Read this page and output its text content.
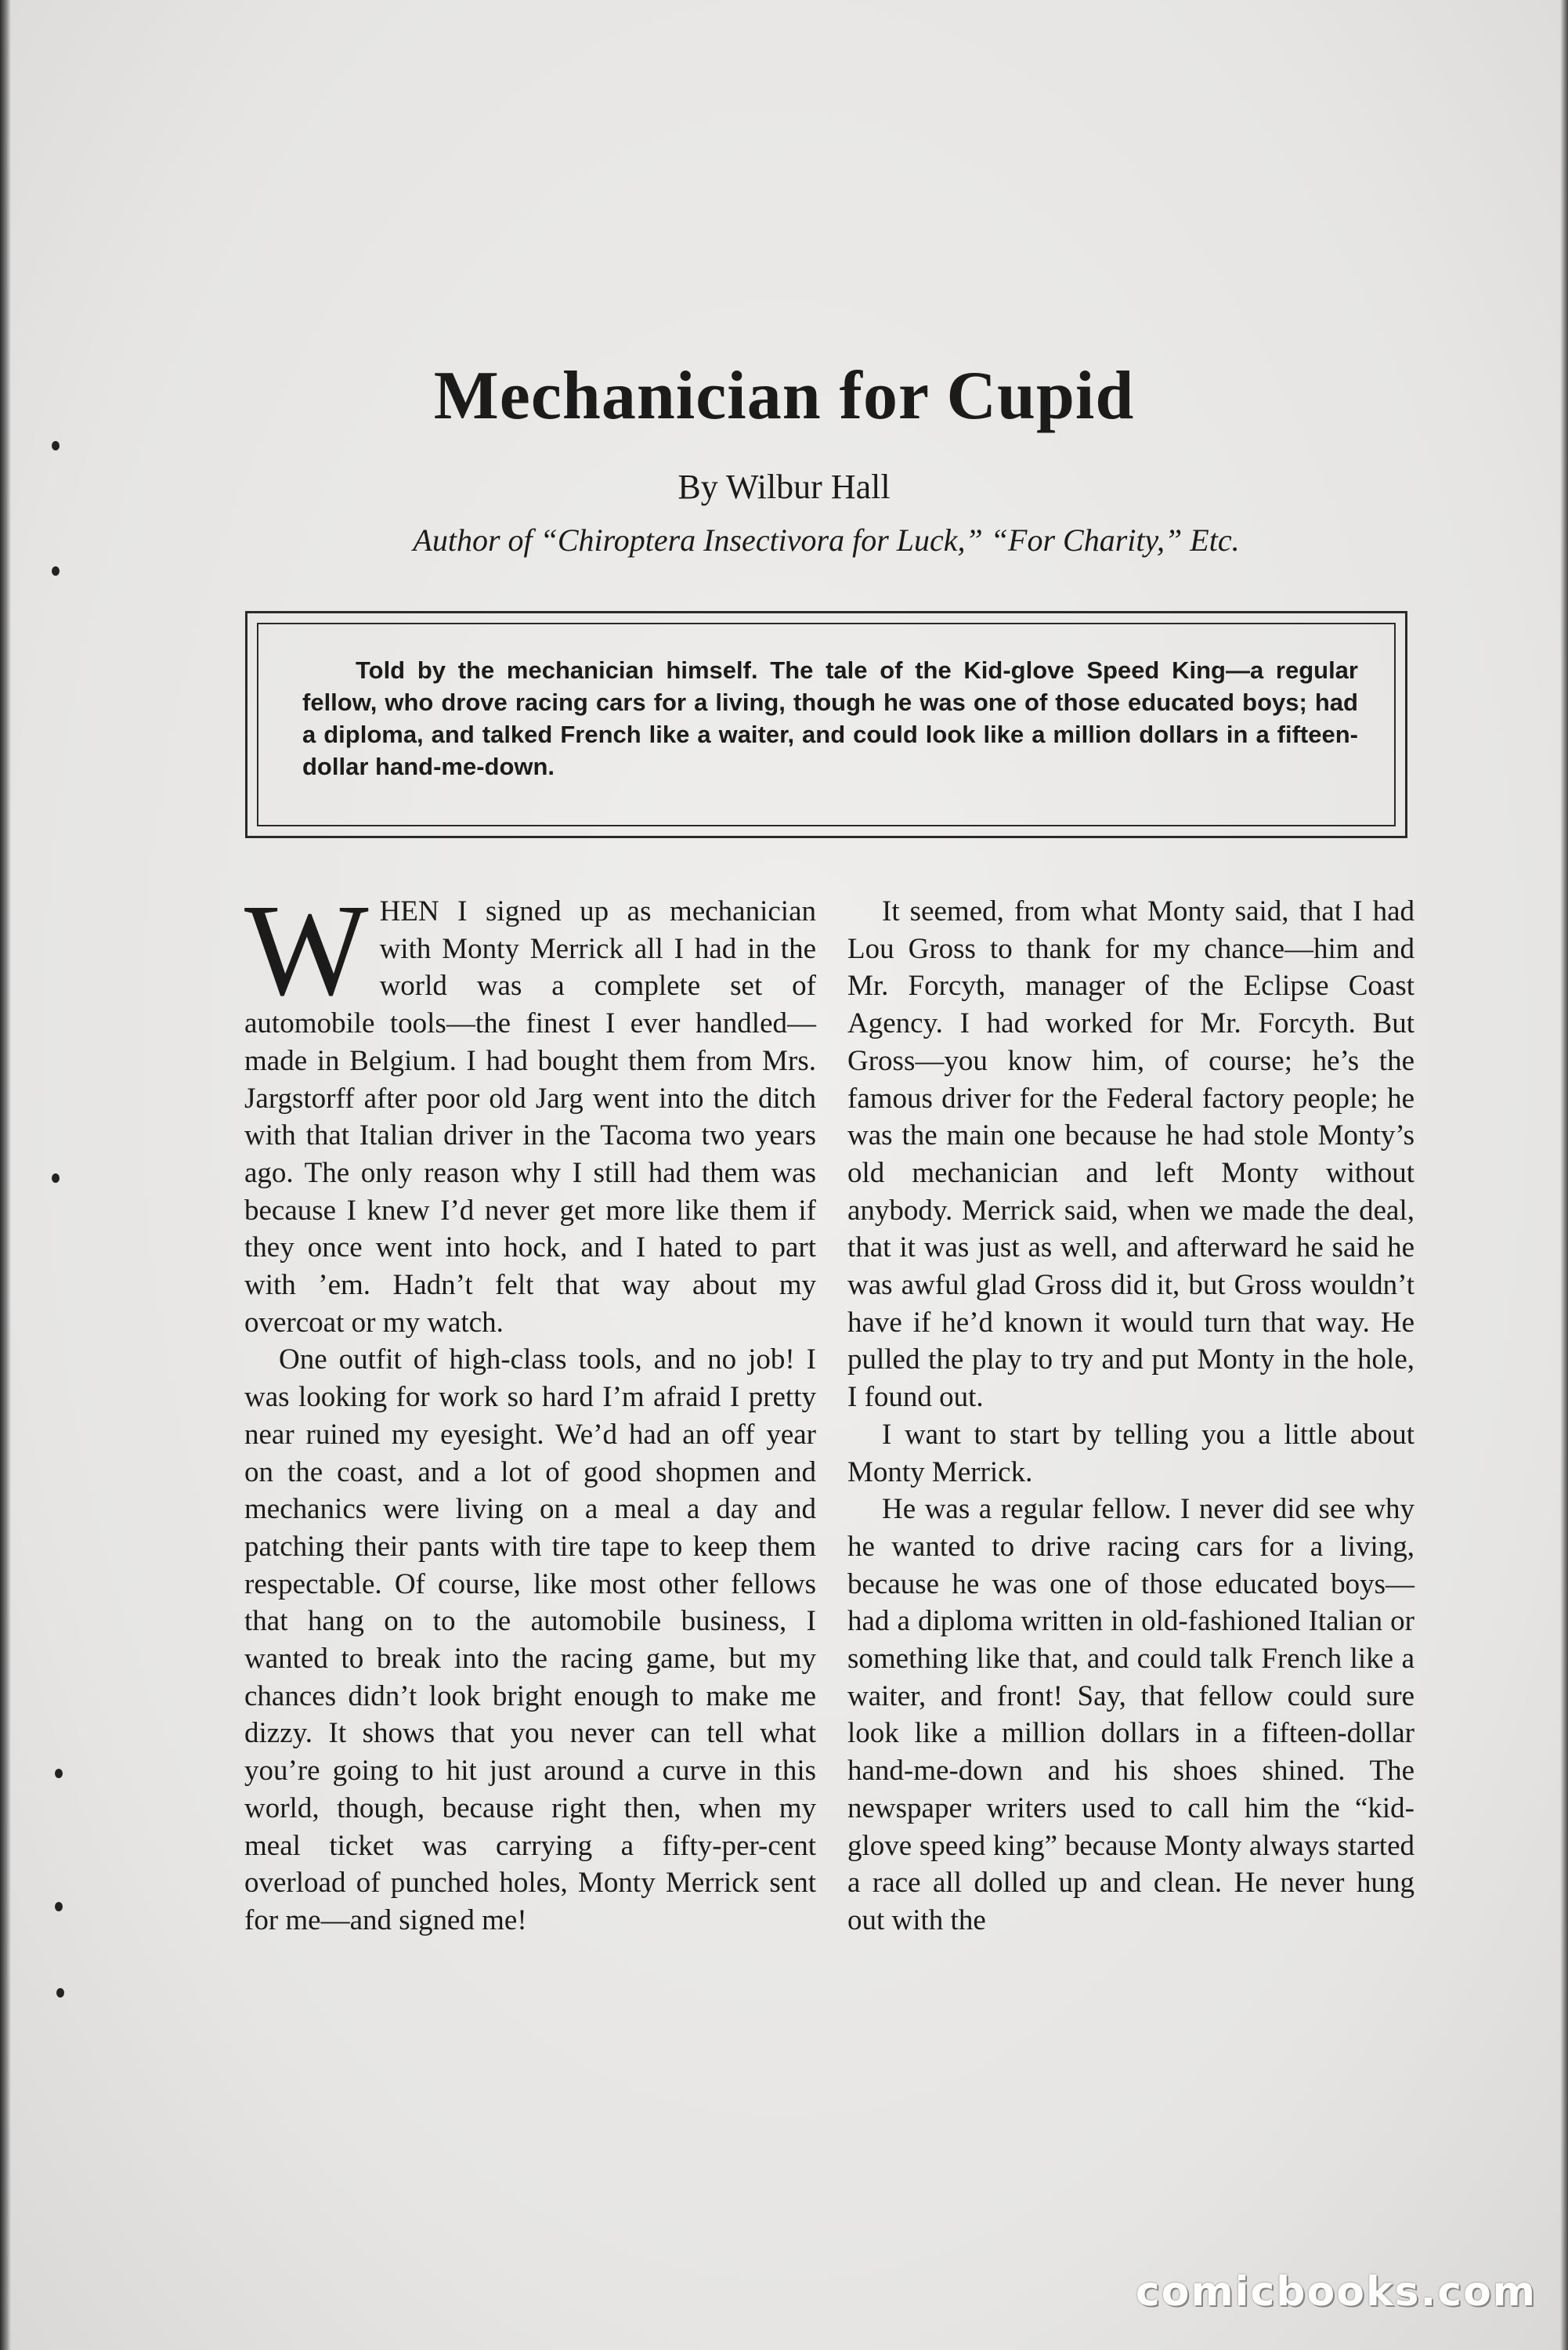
Mechanician for Cupid

By Wilbur Hall

Author of “Chiroptera Insectivora for Luck,” “For Charity,” Etc.

Told by the mechanician himself. The tale of the Kid-glove Speed King—a regular fellow, who drove racing cars for a living, though he was one of those educated boys; had a diploma, and talked French like a waiter, and could look like a million dollars in a fifteen-dollar hand-me-down.

WHEN I signed up as mechanician with Monty Merrick all I had in the world was a complete set of automobile tools—the finest I ever handled—made in Belgium. I had bought them from Mrs. Jargstorff after poor old Jarg went into the ditch with that Italian driver in the Tacoma two years ago. The only reason why I still had them was because I knew I’d never get more like them if they once went into hock, and I hated to part with ’em. Hadn’t felt that way about my overcoat or my watch.

One outfit of high-class tools, and no job! I was looking for work so hard I’m afraid I pretty near ruined my eyesight. We’d had an off year on the coast, and a lot of good shopmen and mechanics were living on a meal a day and patching their pants with tire tape to keep them respectable. Of course, like most other fellows that hang on to the automobile business, I wanted to break into the racing game, but my chances didn’t look bright enough to make me dizzy. It shows that you never can tell what you’re going to hit just around a curve in this world, though, because right then, when my meal ticket was carrying a fifty-per-cent overload of punched holes, Monty Merrick sent for me—and signed me!

It seemed, from what Monty said, that I had Lou Gross to thank for my chance—him and Mr. Forcyth, manager of the Eclipse Coast Agency. I had worked for Mr. Forcyth. But Gross—you know him, of course; he’s the famous driver for the Federal factory people; he was the main one because he had stole Monty’s old mechanician and left Monty without anybody. Merrick said, when we made the deal, that it was just as well, and afterward he said he was awful glad Gross did it, but Gross wouldn’t have if he’d known it would turn that way. He pulled the play to try and put Monty in the hole, I found out.

I want to start by telling you a little about Monty Merrick.

He was a regular fellow. I never did see why he wanted to drive racing cars for a living, because he was one of those educated boys—had a diploma written in old-fashioned Italian or something like that, and could talk French like a waiter, and front! Say, that fellow could sure look like a million dollars in a fifteen-dollar hand-me-down and his shoes shined. The newspaper writers used to call him the “kid-glove speed king” because Monty always started a race all dolled up and clean. He never hung out with the

comicbooks.com
